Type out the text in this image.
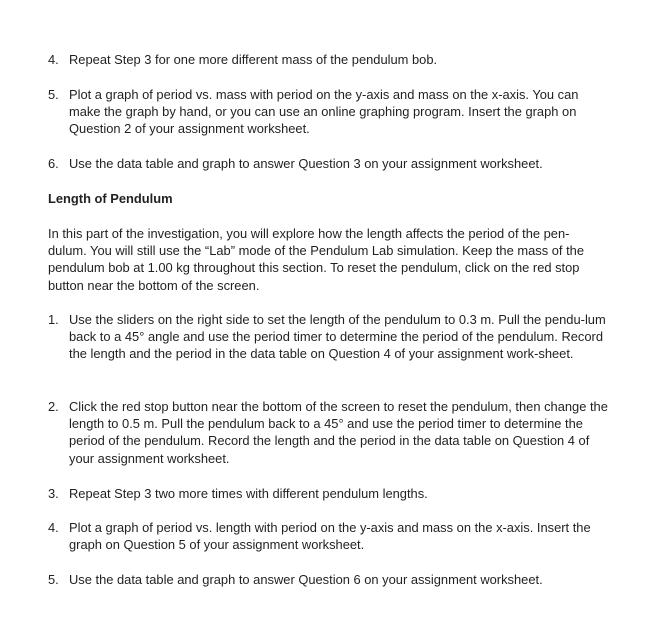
4. Repeat Step 3 for one more different mass of the pendulum bob.
5. Plot a graph of period vs. mass with period on the y-axis and mass on the x-axis. You can make the graph by hand, or you can use an online graphing program. Insert the graph on Question 2 of your assignment worksheet.
6. Use the data table and graph to answer Question 3 on your assignment worksheet.
Length of Pendulum
In this part of the investigation, you will explore how the length affects the period of the pen-dulum. You will still use the “Lab” mode of the Pendulum Lab simulation. Keep the mass of the pendulum bob at 1.00 kg throughout this section. To reset the pendulum, click on the red stop button near the bottom of the screen.
1. Use the sliders on the right side to set the length of the pendulum to 0.3 m. Pull the pendu-lum back to a 45° angle and use the period timer to determine the period of the pendulum. Record the length and the period in the data table on Question 4 of your assignment work-sheet.
2. Click the red stop button near the bottom of the screen to reset the pendulum, then change the length to 0.5 m. Pull the pendulum back to a 45° and use the period timer to determine the period of the pendulum. Record the length and the period in the data table on Question 4 of your assignment worksheet.
3. Repeat Step 3 two more times with different pendulum lengths.
4. Plot a graph of period vs. length with period on the y-axis and mass on the x-axis. Insert the graph on Question 5 of your assignment worksheet.
5. Use the data table and graph to answer Question 6 on your assignment worksheet.
